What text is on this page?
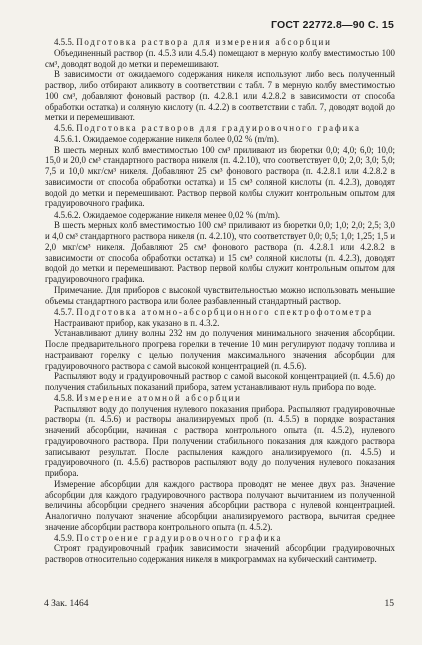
ГОСТ 22772.8—90 С. 15

4.5.5. Подготовка раствора для измерения абсорбции

Объединенный раствор (п. 4.5.3 или 4.5.4) помещают в мерную колбу вместимостью 100 см³, доводят водой до метки и перемешивают.

В зависимости от ожидаемого содержания никеля используют либо весь полученный раствор, либо отбирают аликвоту в соответствии с табл. 7 в мерную колбу вместимостью 100 см³, добавляют фоновый раствор (п. 4.2.8.1 или 4.2.8.2 в зависимости от способа обработки остатка) и соляную кислоту (п. 4.2.2) в соответствии с табл. 7, доводят водой до метки и перемешивают.

4.5.6. Подготовка растворов для градуировочного графика

4.5.6.1. Ожидаемое содержание никеля более 0,02 % (m/m).

В шесть мерных колб вместимостью 100 см³ приливают из бюретки 0,0; 4,0; 6,0; 10,0; 15,0 и 20,0 см³ стандартного раствора никеля (п. 4.2.10), что соответствует 0,0; 2,0; 3,0; 5,0; 7,5 и 10,0 мкг/см³ никеля. Добавляют 25 см³ фонового раствора (п. 4.2.8.1 или 4.2.8.2 в зависимости от способа обработки остатка) и 15 см³ соляной кислоты (п. 4.2.3), доводят водой до метки и перемешивают. Раствор первой колбы служит контрольным опытом для градуировочного графика.

4.5.6.2. Ожидаемое содержание никеля менее 0,02 % (m/m).

В шесть мерных колб вместимостью 100 см³ приливают из бюретки 0,0; 1,0; 2,0; 2,5; 3,0 и 4,0 см³ стандартного раствора никеля (п. 4.2.10), что соответствует 0,0; 0,5; 1,0; 1,25; 1,5 и 2,0 мкг/см³ никеля. Добавляют 25 см³ фонового раствора (п. 4.2.8.1 или 4.2.8.2 в зависимости от способа обработки остатка) и 15 см³ соляной кислоты (п. 4.2.3), доводят водой до метки и перемешивают. Раствор первой колбы служит контрольным опытом для градуировочного графика.

Примечание. Для приборов с высокой чувствительностью можно использовать меньшие объемы стандартного раствора или более разбавленный стандартный раствор.

4.5.7. Подготовка атомно-абсорбционного спектрофотометра

Настраивают прибор, как указано в п. 4.3.2.

Устанавливают длину волны 232 нм до получения минимального значения абсорбции. После предварительного прогрева горелки в течение 10 мин регулируют подачу топлива и настраивают горелку с целью получения максимального значения абсорбции для градуировочного раствора с самой высокой концентрацией (п. 4.5.6).

Распыляют воду и градуировочный раствор с самой высокой концентрацией (п. 4.5.6) до получения стабильных показаний прибора, затем устанавливают нуль прибора по воде.

4.5.8. Измерение атомной абсорбции

Распыляют воду до получения нулевого показания прибора. Распыляют градуировочные растворы (п. 4.5.6) и растворы анализируемых проб (п. 4.5.5) в порядке возрастания значений абсорбции, начиная с раствора контрольного опыта (п. 4.5.2), нулевого градуировочного раствора. При получении стабильного показания для каждого раствора записывают результат. После распыления каждого анализируемого (п. 4.5.5) и градуировочного (п. 4.5.6) растворов распыляют воду до получения нулевого показания прибора.

Измерение абсорбции для каждого раствора проводят не менее двух раз. Значение абсорбции для каждого градуировочного раствора получают вычитанием из полученной величины абсорбции среднего значения абсорбции раствора с нулевой концентрацией. Аналогично получают значение абсорбции анализируемого раствора, вычитая среднее значение абсорбции раствора контрольного опыта (п. 4.5.2).

4.5.9. Построение градуировочного графика

Строят градуировочный график зависимости значений абсорбции градуировочных растворов относительно содержания никеля в микрограммах на кубический сантиметр.

4 Зак. 1464	15
